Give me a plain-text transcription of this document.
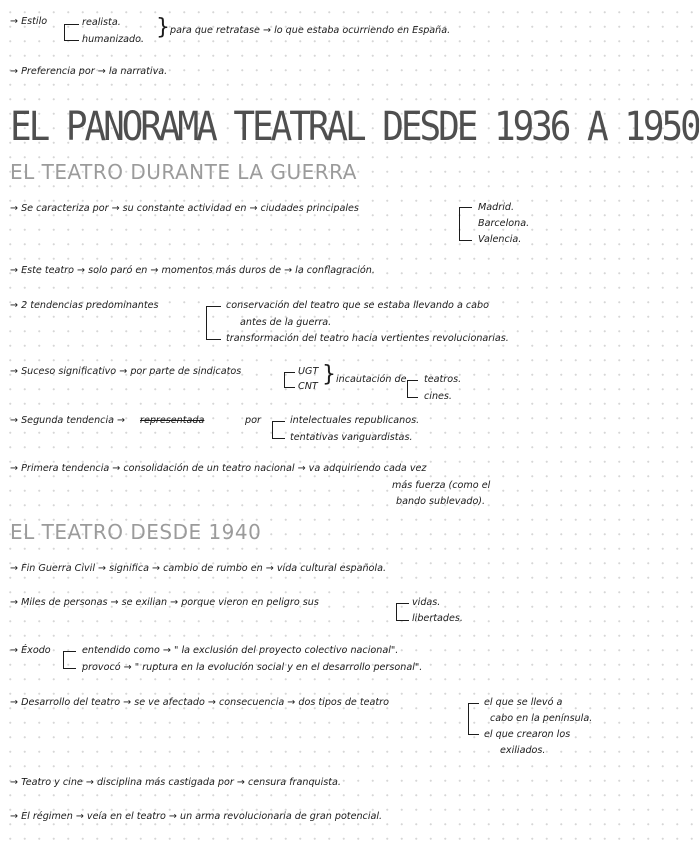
→ Estilo	realista.
humanizado. } para que retratase → lo que estaba ocurriendo en España.
→ Preferencia por → la narrativa.
EL PANORAMA TEATRAL DESDE 1936 A 1950
EL TEATRO DURANTE LA GUERRA
→ Se caracteriza por → su constante actividad en → ciudades principales	Madrid.
Barcelona.
Valencia.
→ Este teatro → solo paró en → momentos más duros de → la conflagración.
→ 2 tendencias predominantes	conservación del teatro que se estaba llevando a cabo
antes de la guerra.
transformación del teatro hacia vertientes revolucionarias.
→ Suceso significativo → por parte de sindicatos	UGT
CNT } incautación de teatros.
cines.
→ Segunda tendencia → representada	por	intelectuales republicanos.
tentativas vanguardistas.
→ Primera tendencia → consolidación de un teatro nacional → va adquiriendo cada vez
más fuerza (como el
bando sublevado).
EL TEATRO DESDE 1940
→ Fin Guerra Civil → significa → cambio de rumbo en → vida cultural española.
→ Miles de personas → se exilian → porque vieron en peligro sus	vidas.
libertades.
→ Éxodo	entendido como → " la exclusión del proyecto colectivo nacional".
provocó → " ruptura en la evolución social y en el desarrollo personal".
→ Desarrollo del teatro → se ve afectado → consecuencia → dos tipos de teatro	el que se llevó a
cabo en la península.
el que crearon los
exiliados.
→ Teatro y cine → disciplina más castigada por → censura franquista.
→ El régimen → veía en el teatro → un arma revolucionaria de gran potencial.
